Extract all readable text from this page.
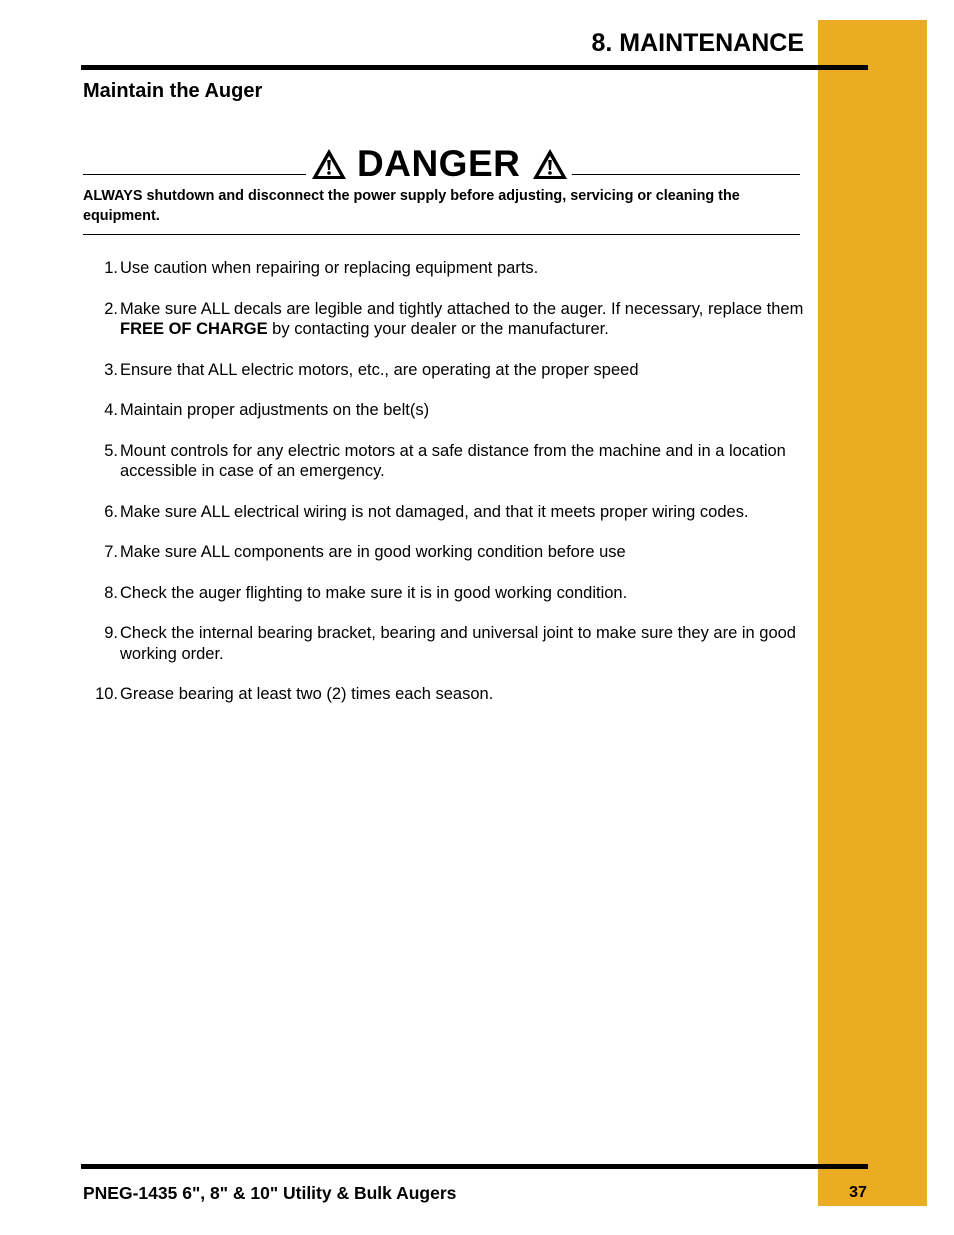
8. MAINTENANCE
Maintain the Auger
DANGER
ALWAYS shutdown and disconnect the power supply before adjusting, servicing or cleaning the equipment.
1. Use caution when repairing or replacing equipment parts.
2. Make sure ALL decals are legible and tightly attached to the auger. If necessary, replace them FREE OF CHARGE by contacting your dealer or the manufacturer.
3. Ensure that ALL electric motors, etc., are operating at the proper speed
4. Maintain proper adjustments on the belt(s)
5. Mount controls for any electric motors at a safe distance from the machine and in a location accessible in case of an emergency.
6. Make sure ALL electrical wiring is not damaged, and that it meets proper wiring codes.
7. Make sure ALL components are in good working condition before use
8. Check the auger flighting to make sure it is in good working condition.
9. Check the internal bearing bracket, bearing and universal joint to make sure they are in good working order.
10. Grease bearing at least two (2) times each season.
PNEG-1435 6", 8" & 10" Utility & Bulk Augers	37
